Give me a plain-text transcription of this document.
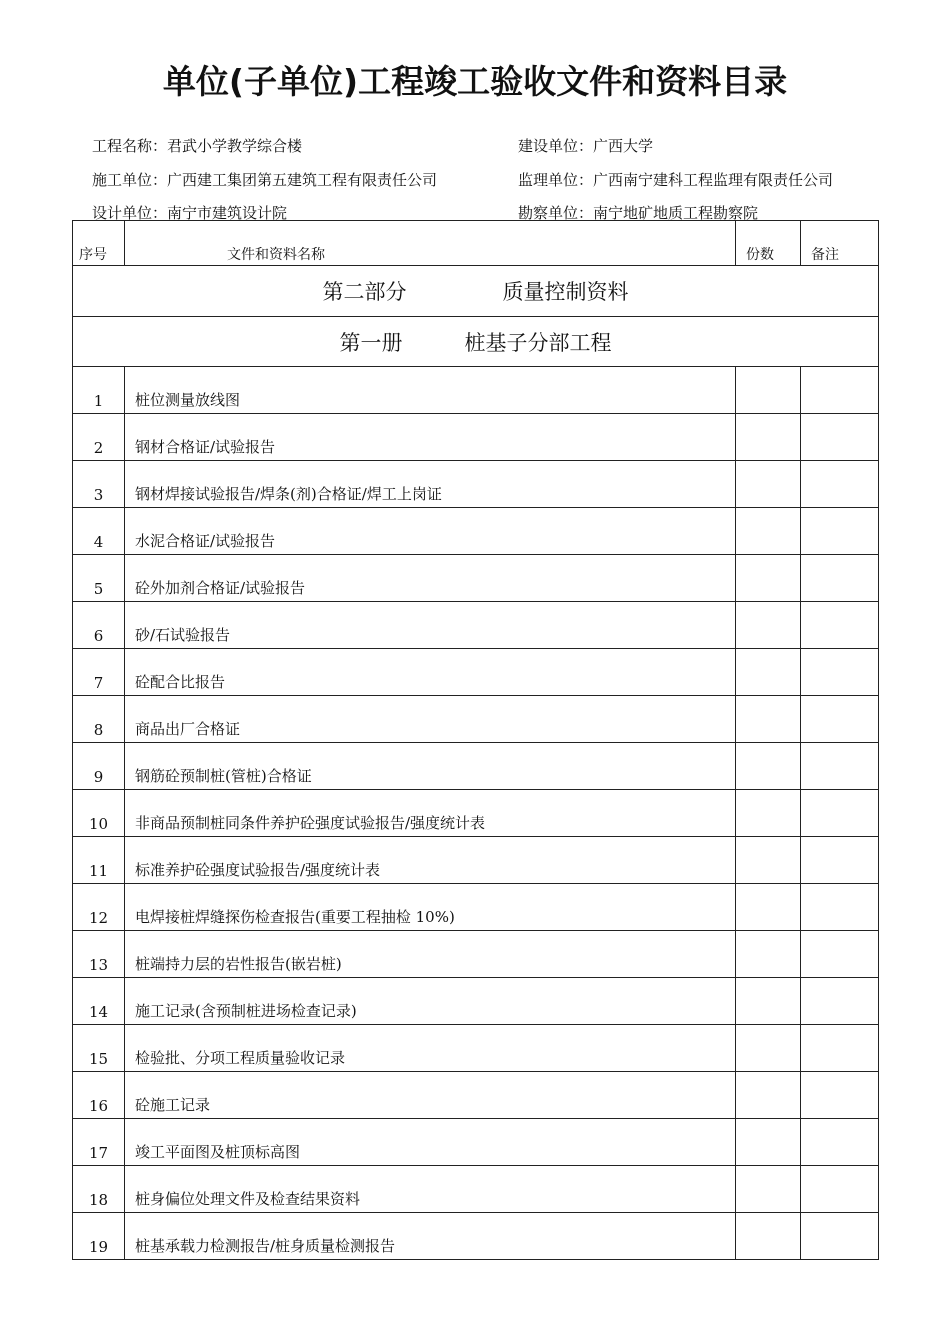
单位(子单位)工程竣工验收文件和资料目录
工程名称：君武小学教学综合楼	建设单位：广西大学
施工单位：广西建工集团第五建筑工程有限责任公司	监理单位：广西南宁建科工程监理有限责任公司
设计单位：南宁市建筑设计院	勘察单位：南宁地矿地质工程勘察院
序号	文件和资料名称	份数	备注
第二部分 质量控制资料			
第一册 桩基子分部工程			
1	桩位测量放线图		
2	钢材合格证/试验报告		
3	钢材焊接试验报告/焊条(剂)合格证/焊工上岗证		
4	水泥合格证/试验报告		
5	砼外加剂合格证/试验报告		
6	砂/石试验报告		
7	砼配合比报告		
8	商品出厂合格证		
9	钢筋砼预制桩(管桩)合格证		
10	非商品预制桩同条件养护砼强度试验报告/强度统计表		
11	标准养护砼强度试验报告/强度统计表		
12	电焊接桩焊缝探伤检查报告(重要工程抽检 10%)		
13	桩端持力层的岩性报告(嵌岩桩)		
14	施工记录(含预制桩进场检查记录)		
15	检验批、分项工程质量验收记录		
16	砼施工记录		
17	竣工平面图及桩顶标高图		
18	桩身偏位处理文件及检查结果资料		
19	桩基承载力检测报告/桩身质量检测报告		
